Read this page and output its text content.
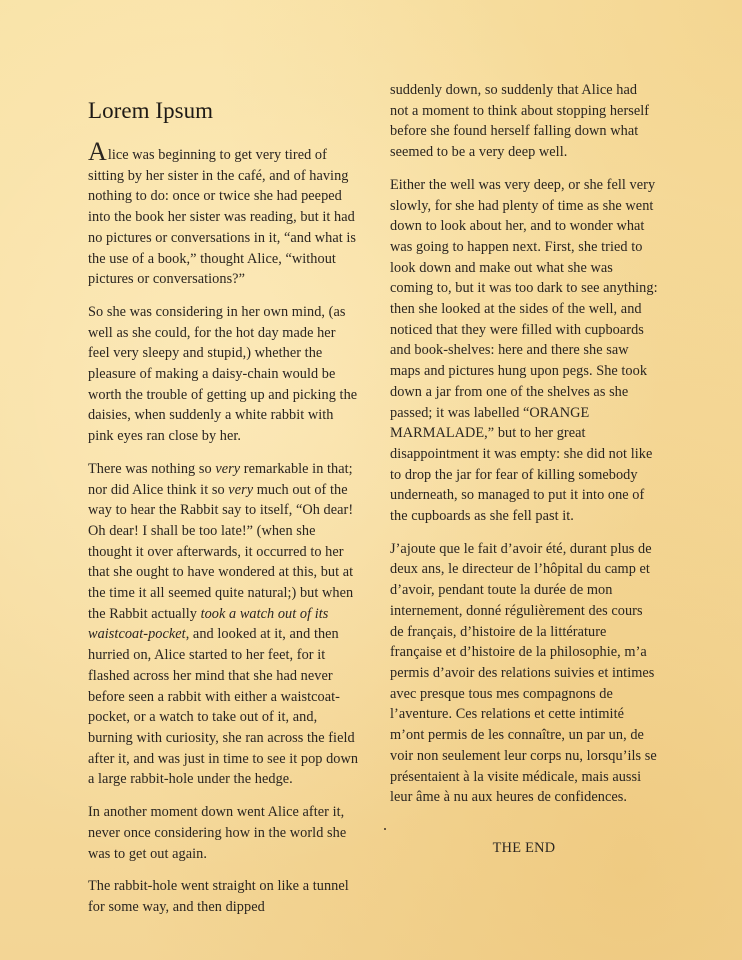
Lorem Ipsum

Alice was beginning to get very tired of sitting by her sister in the café, and of having nothing to do: once or twice she had peeped into the book her sister was reading, but it had no pictures or conversations in it, “and what is the use of a book,” thought Alice, “without pictures or conversations?”

So she was considering in her own mind, (as well as she could, for the hot day made her feel very sleepy and stupid,) whether the pleasure of making a daisy-chain would be worth the trouble of getting up and picking the daisies, when suddenly a white rabbit with pink eyes ran close by her.

There was nothing so very remarkable in that; nor did Alice think it so very much out of the way to hear the Rabbit say to itself, “Oh dear! Oh dear! I shall be too late!” (when she thought it over afterwards, it occurred to her that she ought to have wondered at this, but at the time it all seemed quite natural;) but when the Rabbit actually took a watch out of its waistcoat-pocket, and looked at it, and then hurried on, Alice started to her feet, for it flashed across her mind that she had never before seen a rabbit with either a waistcoat-pocket, or a watch to take out of it, and, burning with curiosity, she ran across the field after it, and was just in time to see it pop down a large rabbit-hole under the hedge.

In another moment down went Alice after it, never once considering how in the world she was to get out again.

The rabbit-hole went straight on like a tunnel for some way, and then dipped

suddenly down, so suddenly that Alice had not a moment to think about stopping herself before she found herself falling down what seemed to be a very deep well.

Either the well was very deep, or she fell very slowly, for she had plenty of time as she went down to look about her, and to wonder what was going to happen next. First, she tried to look down and make out what she was coming to, but it was too dark to see anything: then she looked at the sides of the well, and noticed that they were filled with cupboards and book-shelves: here and there she saw maps and pictures hung upon pegs. She took down a jar from one of the shelves as she passed; it was labelled “ORANGE MARMALADE,” but to her great disappointment it was empty: she did not like to drop the jar for fear of killing somebody underneath, so managed to put it into one of the cupboards as she fell past it.

J’ajoute que le fait d’avoir été, durant plus de deux ans, le directeur de l’hôpital du camp et d’avoir, pendant toute la durée de mon internement, donné régulièrement des cours de français, d’histoire de la littérature française et d’histoire de la philosophie, m’a permis d’avoir des relations suivies et intimes avec presque tous mes compagnons de l’aventure. Ces relations et cette intimité m’ont permis de les connaître, un par un, de voir non seulement leur corps nu, lorsqu’ils se présentaient à la visite médicale, mais aussi leur âme à nu aux heures de confidences.

THE END
